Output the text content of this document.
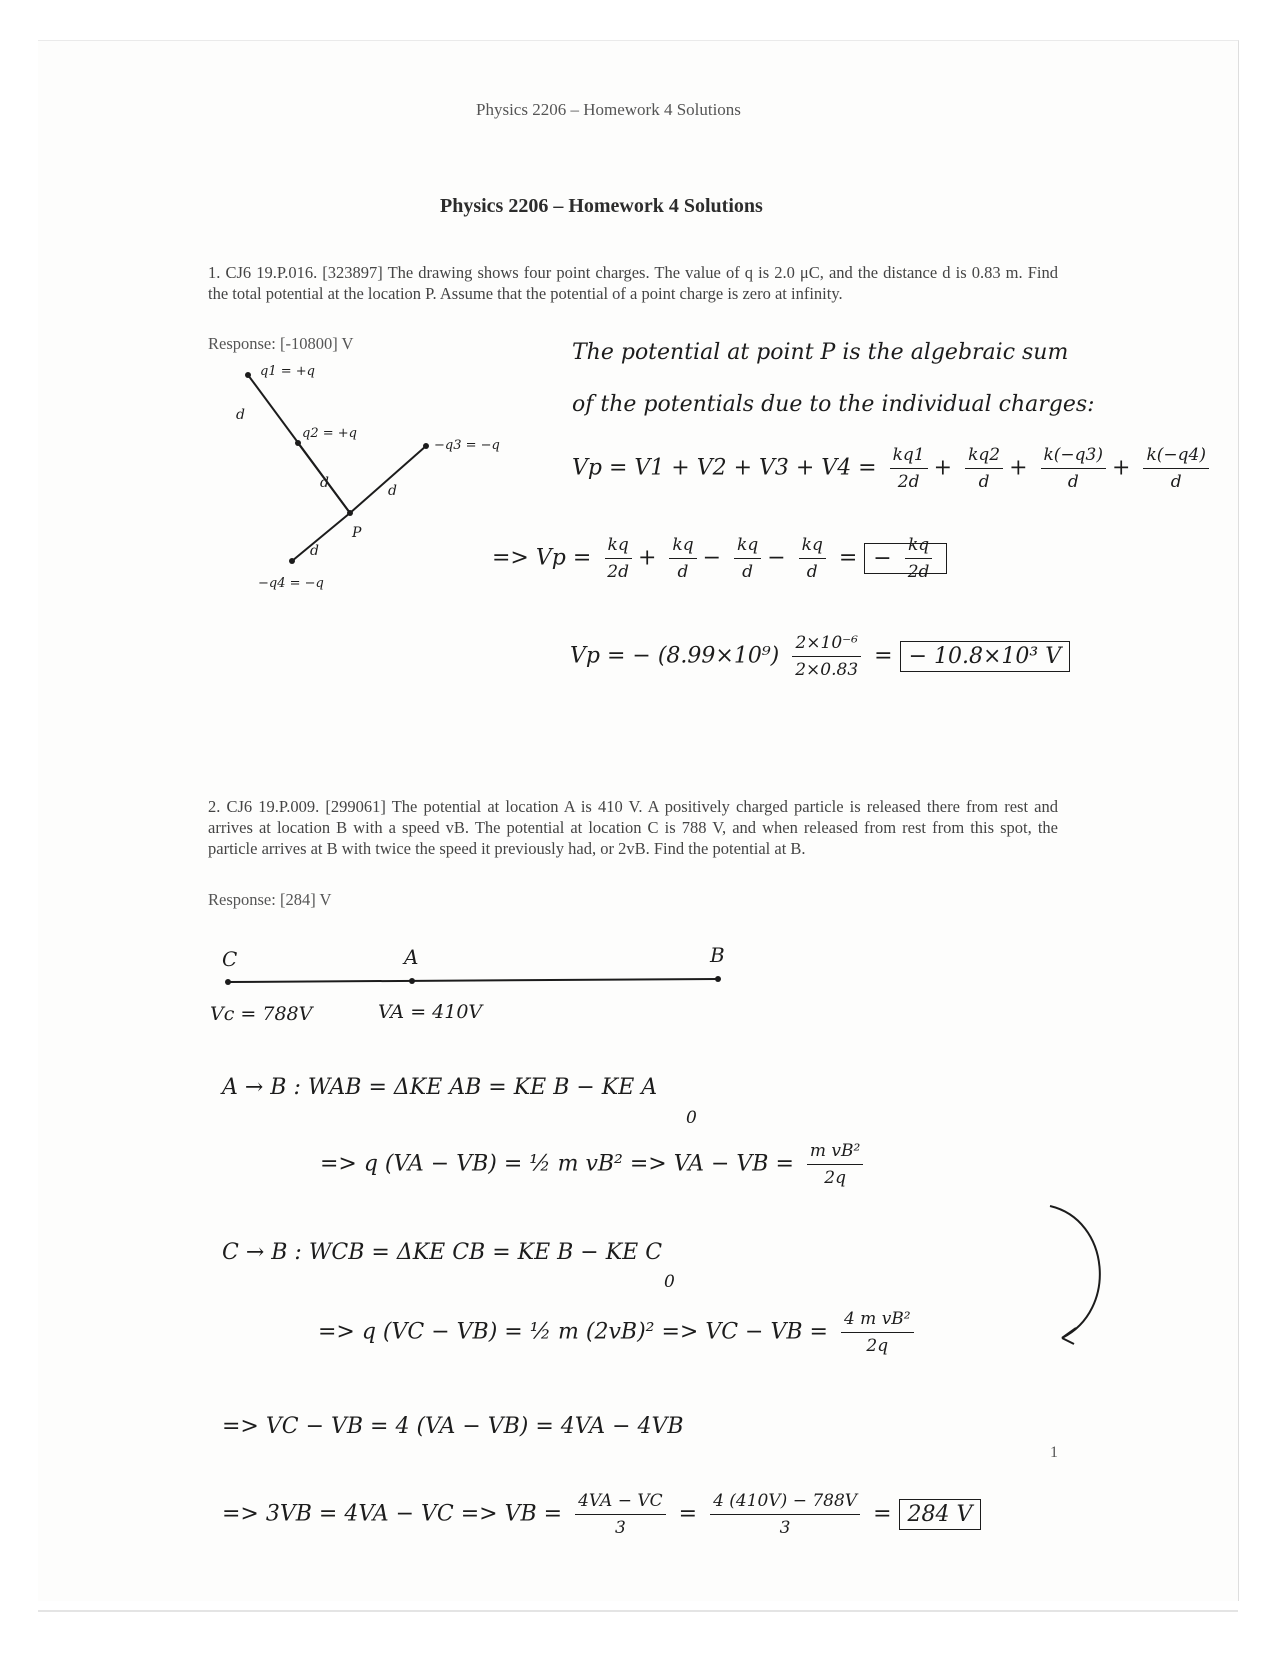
Physics 2206 – Homework 4 Solutions
Physics 2206 – Homework 4 Solutions
1. CJ6 19.P.016. [323897] The drawing shows four point charges. The value of q is 2.0 μC, and the distance d is 0.83 m. Find the total potential at the location P. Assume that the potential of a point charge is zero at infinity.
Response: [-10800] V
q1 = +q
q2 = +q
−q3 = −q
−q4 = −q
d
d	d
d
P
The potential at point P is the algebraic sum
of the potentials due to the individual charges:
$Vp = V1 + V2 + V3 + V4 = \frac{kq1}{2d} + \frac{kq2}{d} + \frac{k(-q3)}{d} + \frac{k(-q4)}{d}$
=> $Vp = \frac{kq}{2d} + \frac{kq}{d} - \frac{kq}{d} - \frac{kq}{d}$ = − $\frac{kq}{2d}$
Vp = − $(8.99\times 10^9) \frac{\text{2×10⁻⁶}}{2\times 0.83}$ = − 10.8×10³ V
2. CJ6 19.P.009. [299061] The potential at location A is 410 V. A positively charged particle is released there from rest and arrives at location B with a speed vB. The potential at location C is 788 V, and when released from rest from this spot, the particle arrives at B with twice the speed it previously had, or 2vB. Find the potential at B.
Response: [284] V
C	A	B
Vc = 788V	VA = 410V
A → B : WAB = ΔKE AB = KE B − KE A
0
=> q (VA − VB) = ½ m vB² => VA − VB = $\frac{\text{m vB²}}{2q}$
C → B : WCB = ΔKE CB = KE B − KE C
0
=> q (VC − VB) = ½ m (2vB)² => VC − VB = $\frac{\text{4 m vB²}}{2q}$
=> VC − VB = 4 (VA − VB) = 4VA − 4VB
=> 3VB = 4VA − VC => VB = $\frac{4VA - VC}{3} = \frac{4 (410V) - 788V}{3} = 284$ V
1
